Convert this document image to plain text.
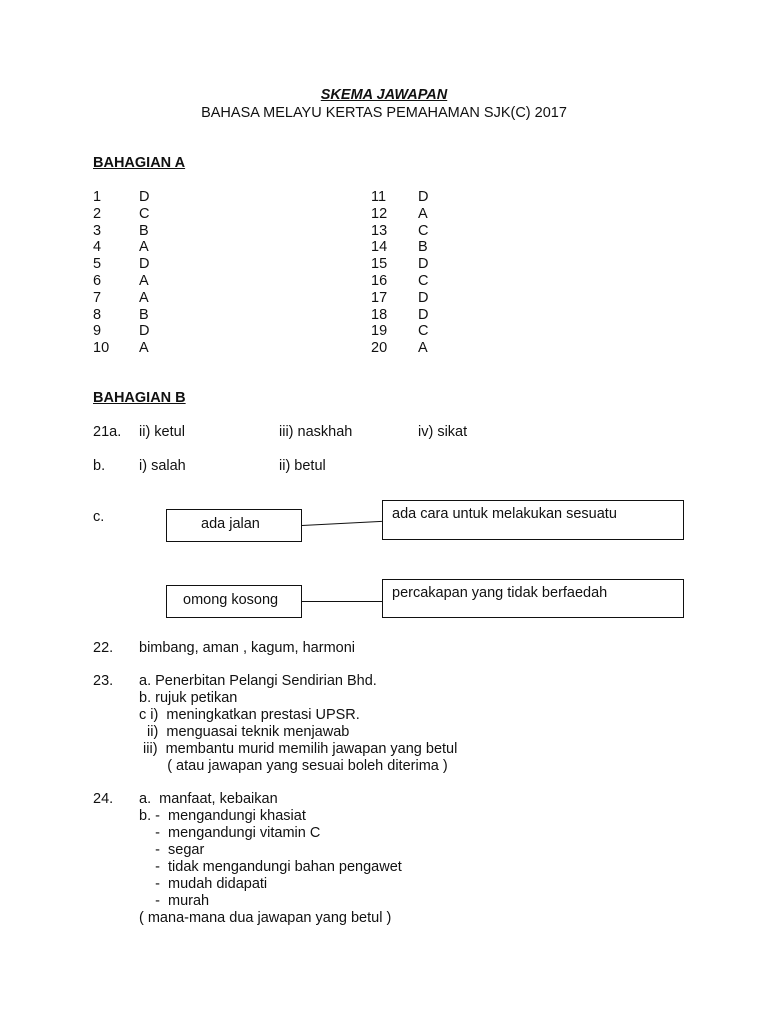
SKEMA JAWAPAN
BAHASA MELAYU KERTAS PEMAHAMAN SJK(C) 2017
BAHAGIAN A
1	D
2	C
3	B
4	A
5	D
6	A
7	A
8	B
9	D
10 A
11 D
12 A
13 C
14 B
15 D
16 C
17 D
18 D
19 C
20 A
BAHAGIAN B
21a. ii) ketul	iii) naskhah	iv) sikat
b. i) salah	ii) betul
c.	ada jalan
ada cara untuk melakukan sesuatu
omong kosong	percakapan yang tidak berfaedah
22. bimbang, aman , kagum, harmoni
23. a. Penerbitan Pelangi Sendirian Bhd.
b. rujuk petikan
c i)  meningkatkan prestasi UPSR.
ii)  menguasai teknik menjawab
iii)  membantu murid memilih jawapan yang betul
( atau jawapan yang sesuai boleh diterima )
24. a.  manfaat, kebaikan
b. -  mengandungi khasiat
-  mengandungi vitamin C
-  segar
-  tidak mengandungi bahan pengawet
-  mudah didapati
-  murah
( mana-mana dua jawapan yang betul )
